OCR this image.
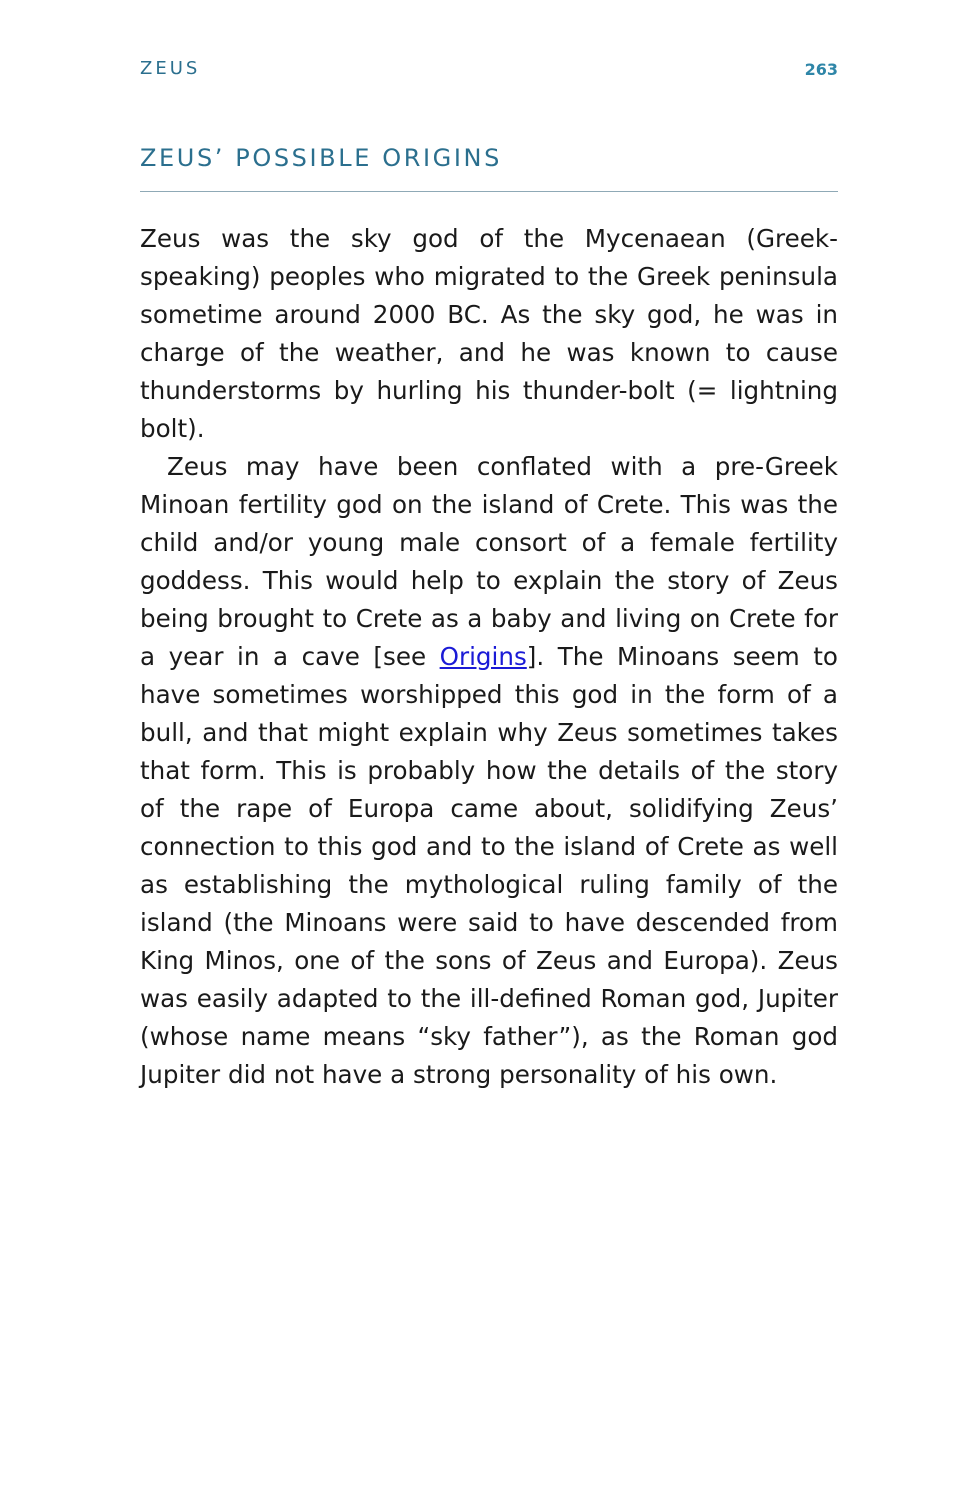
ZEUS	263
ZEUS’ POSSIBLE ORIGINS

Zeus was the sky god of the Mycenaean (Greek-speaking) peoples who migrated to the Greek peninsula sometime around 2000 BC. As the sky god, he was in charge of the weather, and he was known to cause thunderstorms by hurling his thunder-bolt (= lightning bolt).

Zeus may have been conflated with a pre-Greek Minoan fertility god on the island of Crete. This was the child and/or young male consort of a female fertility goddess. This would help to explain the story of Zeus being brought to Crete as a baby and living on Crete for a year in a cave [see Origins]. The Minoans seem to have sometimes worshipped this god in the form of a bull, and that might explain why Zeus sometimes takes that form. This is probably how the details of the story of the rape of Europa came about, solidifying Zeus’ connection to this god and to the island of Crete as well as establishing the mythological ruling family of the island (the Minoans were said to have descended from King Minos, one of the sons of Zeus and Europa). Zeus was easily adapted to the ill-defined Roman god, Jupiter (whose name means “sky father”), as the Roman god Jupiter did not have a strong personality of his own.
